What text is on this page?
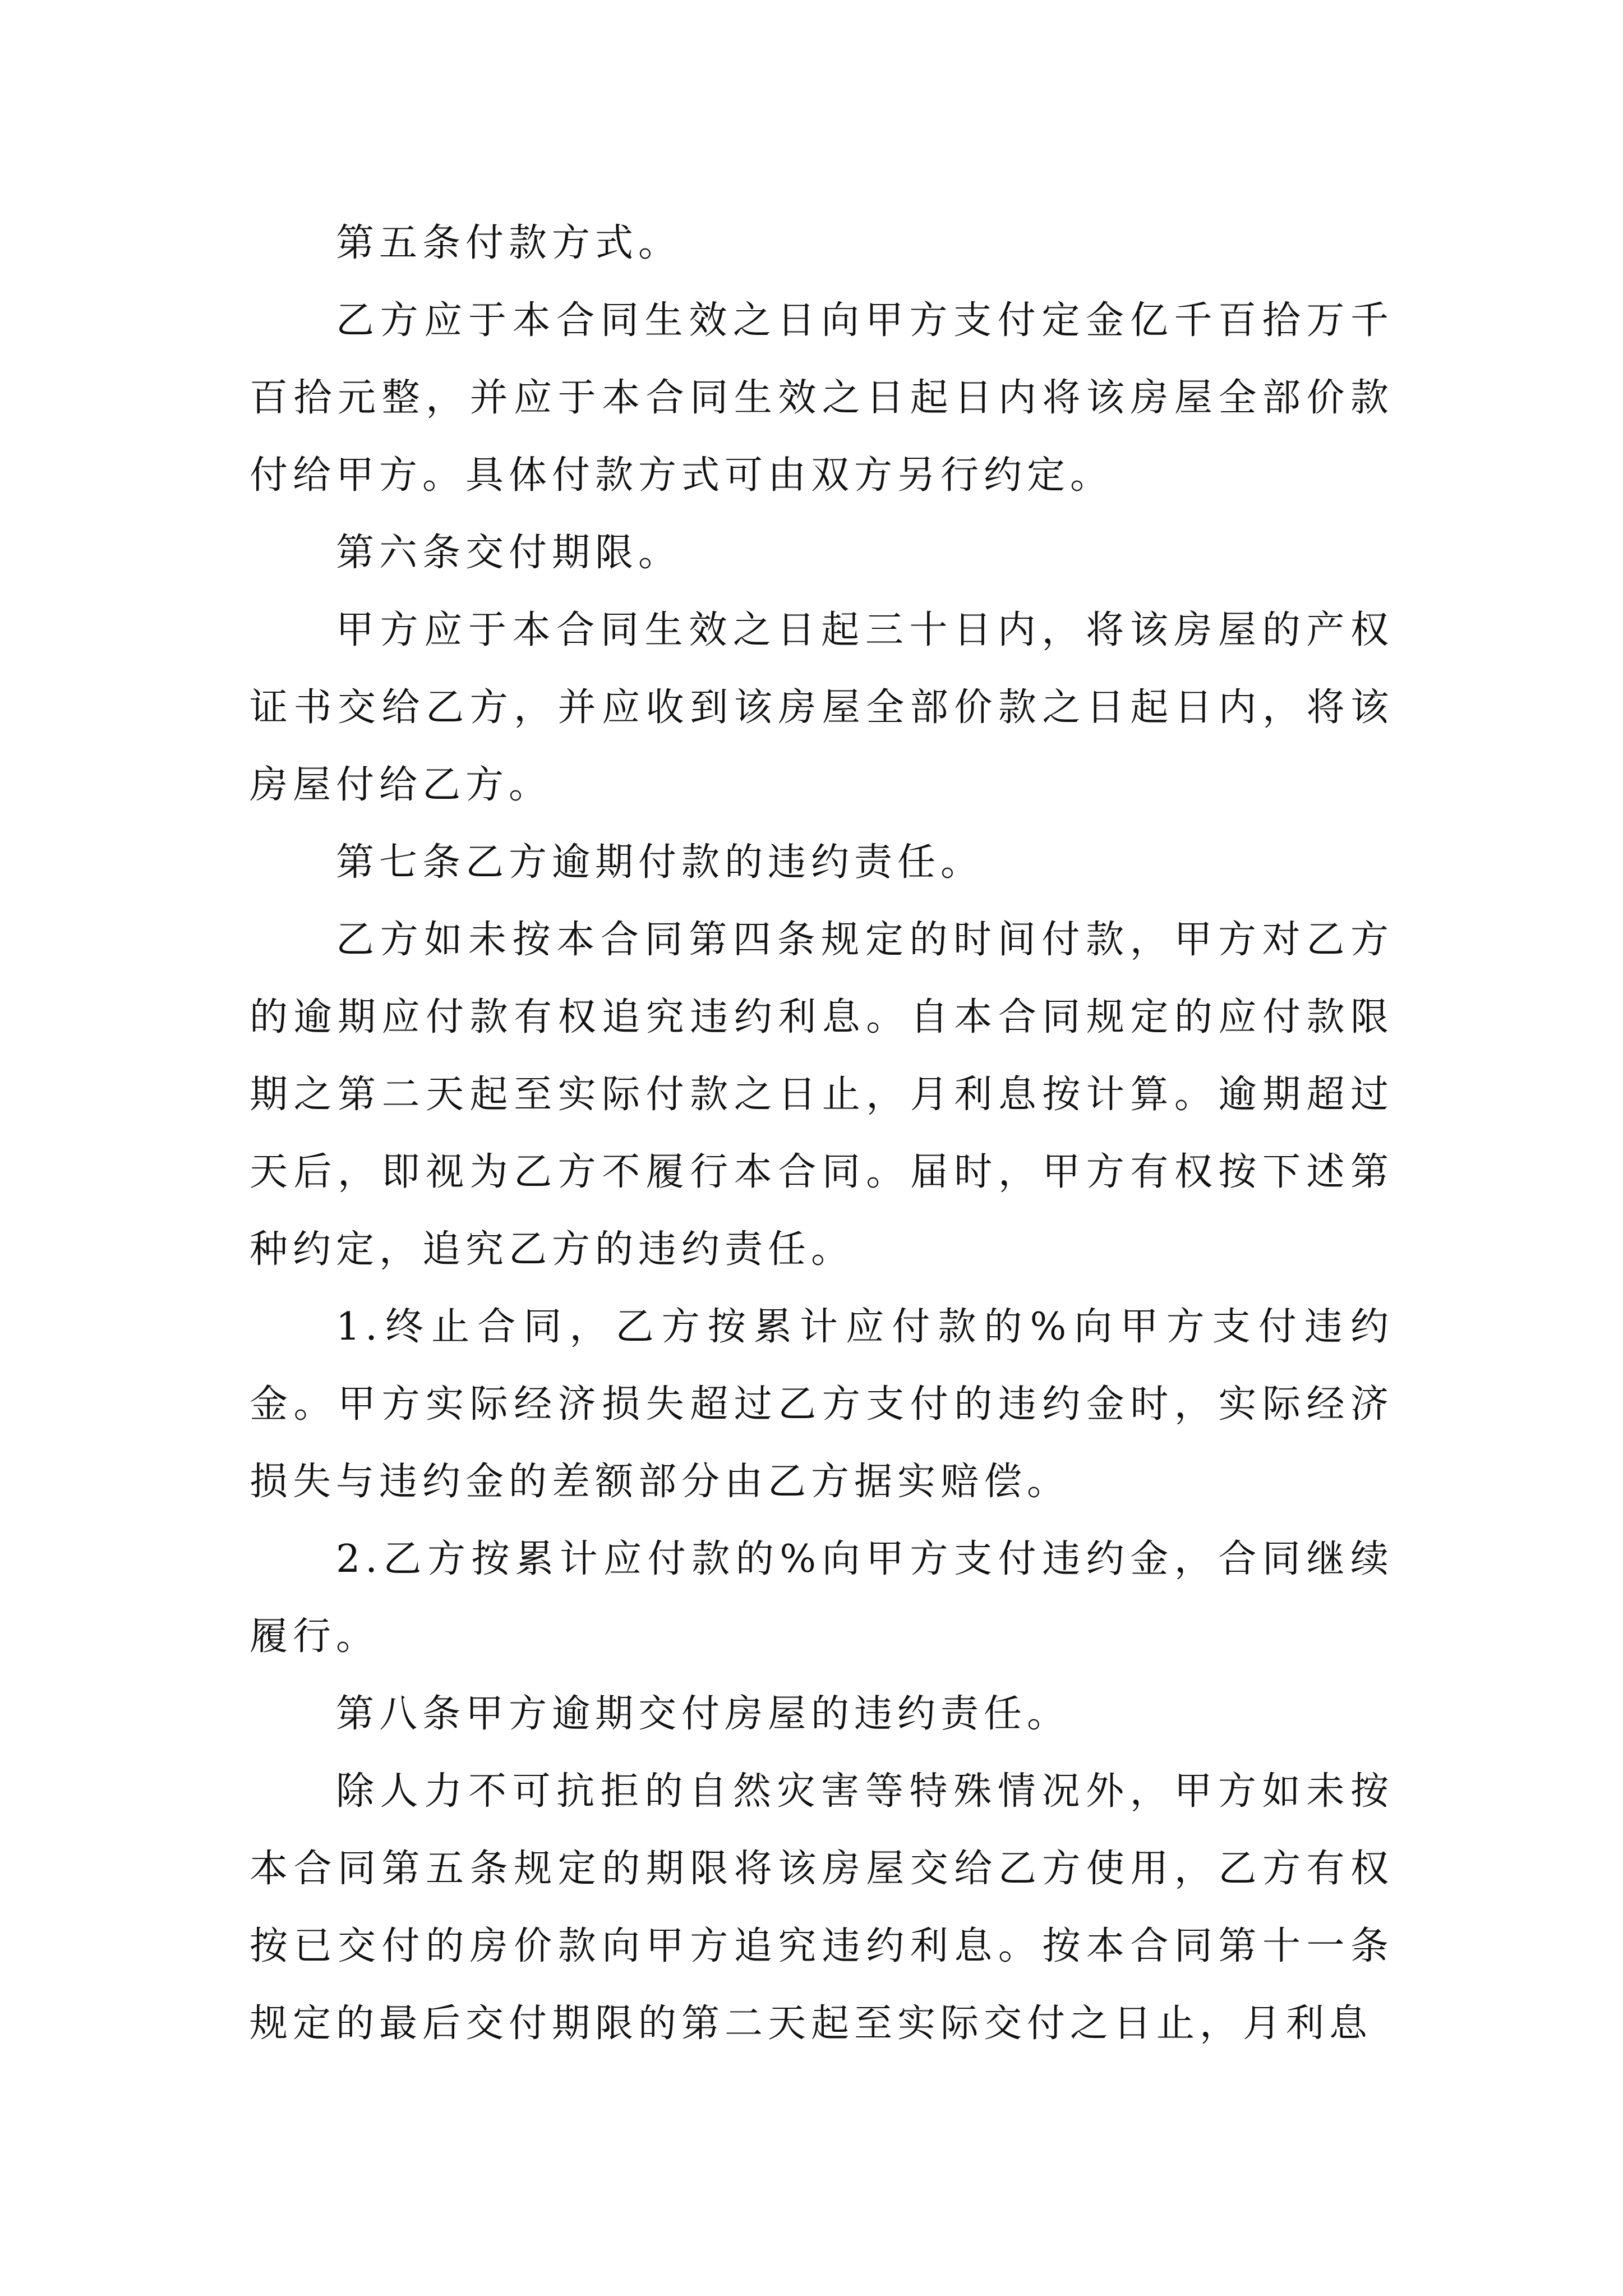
第五条付款方式。

乙方应于本合同生效之日向甲方支付定金亿千百拾万千百拾元整，并应于本合同生效之日起日内将该房屋全部价款付给甲方。具体付款方式可由双方另行约定。

第六条交付期限。

甲方应于本合同生效之日起三十日内，将该房屋的产权证书交给乙方，并应收到该房屋全部价款之日起日内，将该房屋付给乙方。

第七条乙方逾期付款的违约责任。

乙方如未按本合同第四条规定的时间付款，甲方对乙方的逾期应付款有权追究违约利息。自本合同规定的应付款限期之第二天起至实际付款之日止，月利息按计算。逾期超过天后，即视为乙方不履行本合同。届时，甲方有权按下述第种约定，追究乙方的违约责任。

1.终止合同，乙方按累计应付款的%向甲方支付违约金。甲方实际经济损失超过乙方支付的违约金时，实际经济损失与违约金的差额部分由乙方据实赔偿。

2.乙方按累计应付款的%向甲方支付违约金，合同继续履行。

第八条甲方逾期交付房屋的违约责任。

除人力不可抗拒的自然灾害等特殊情况外，甲方如未按本合同第五条规定的期限将该房屋交给乙方使用，乙方有权按已交付的房价款向甲方追究违约利息。按本合同第十一条规定的最后交付期限的第二天起至实际交付之日止，月利息
